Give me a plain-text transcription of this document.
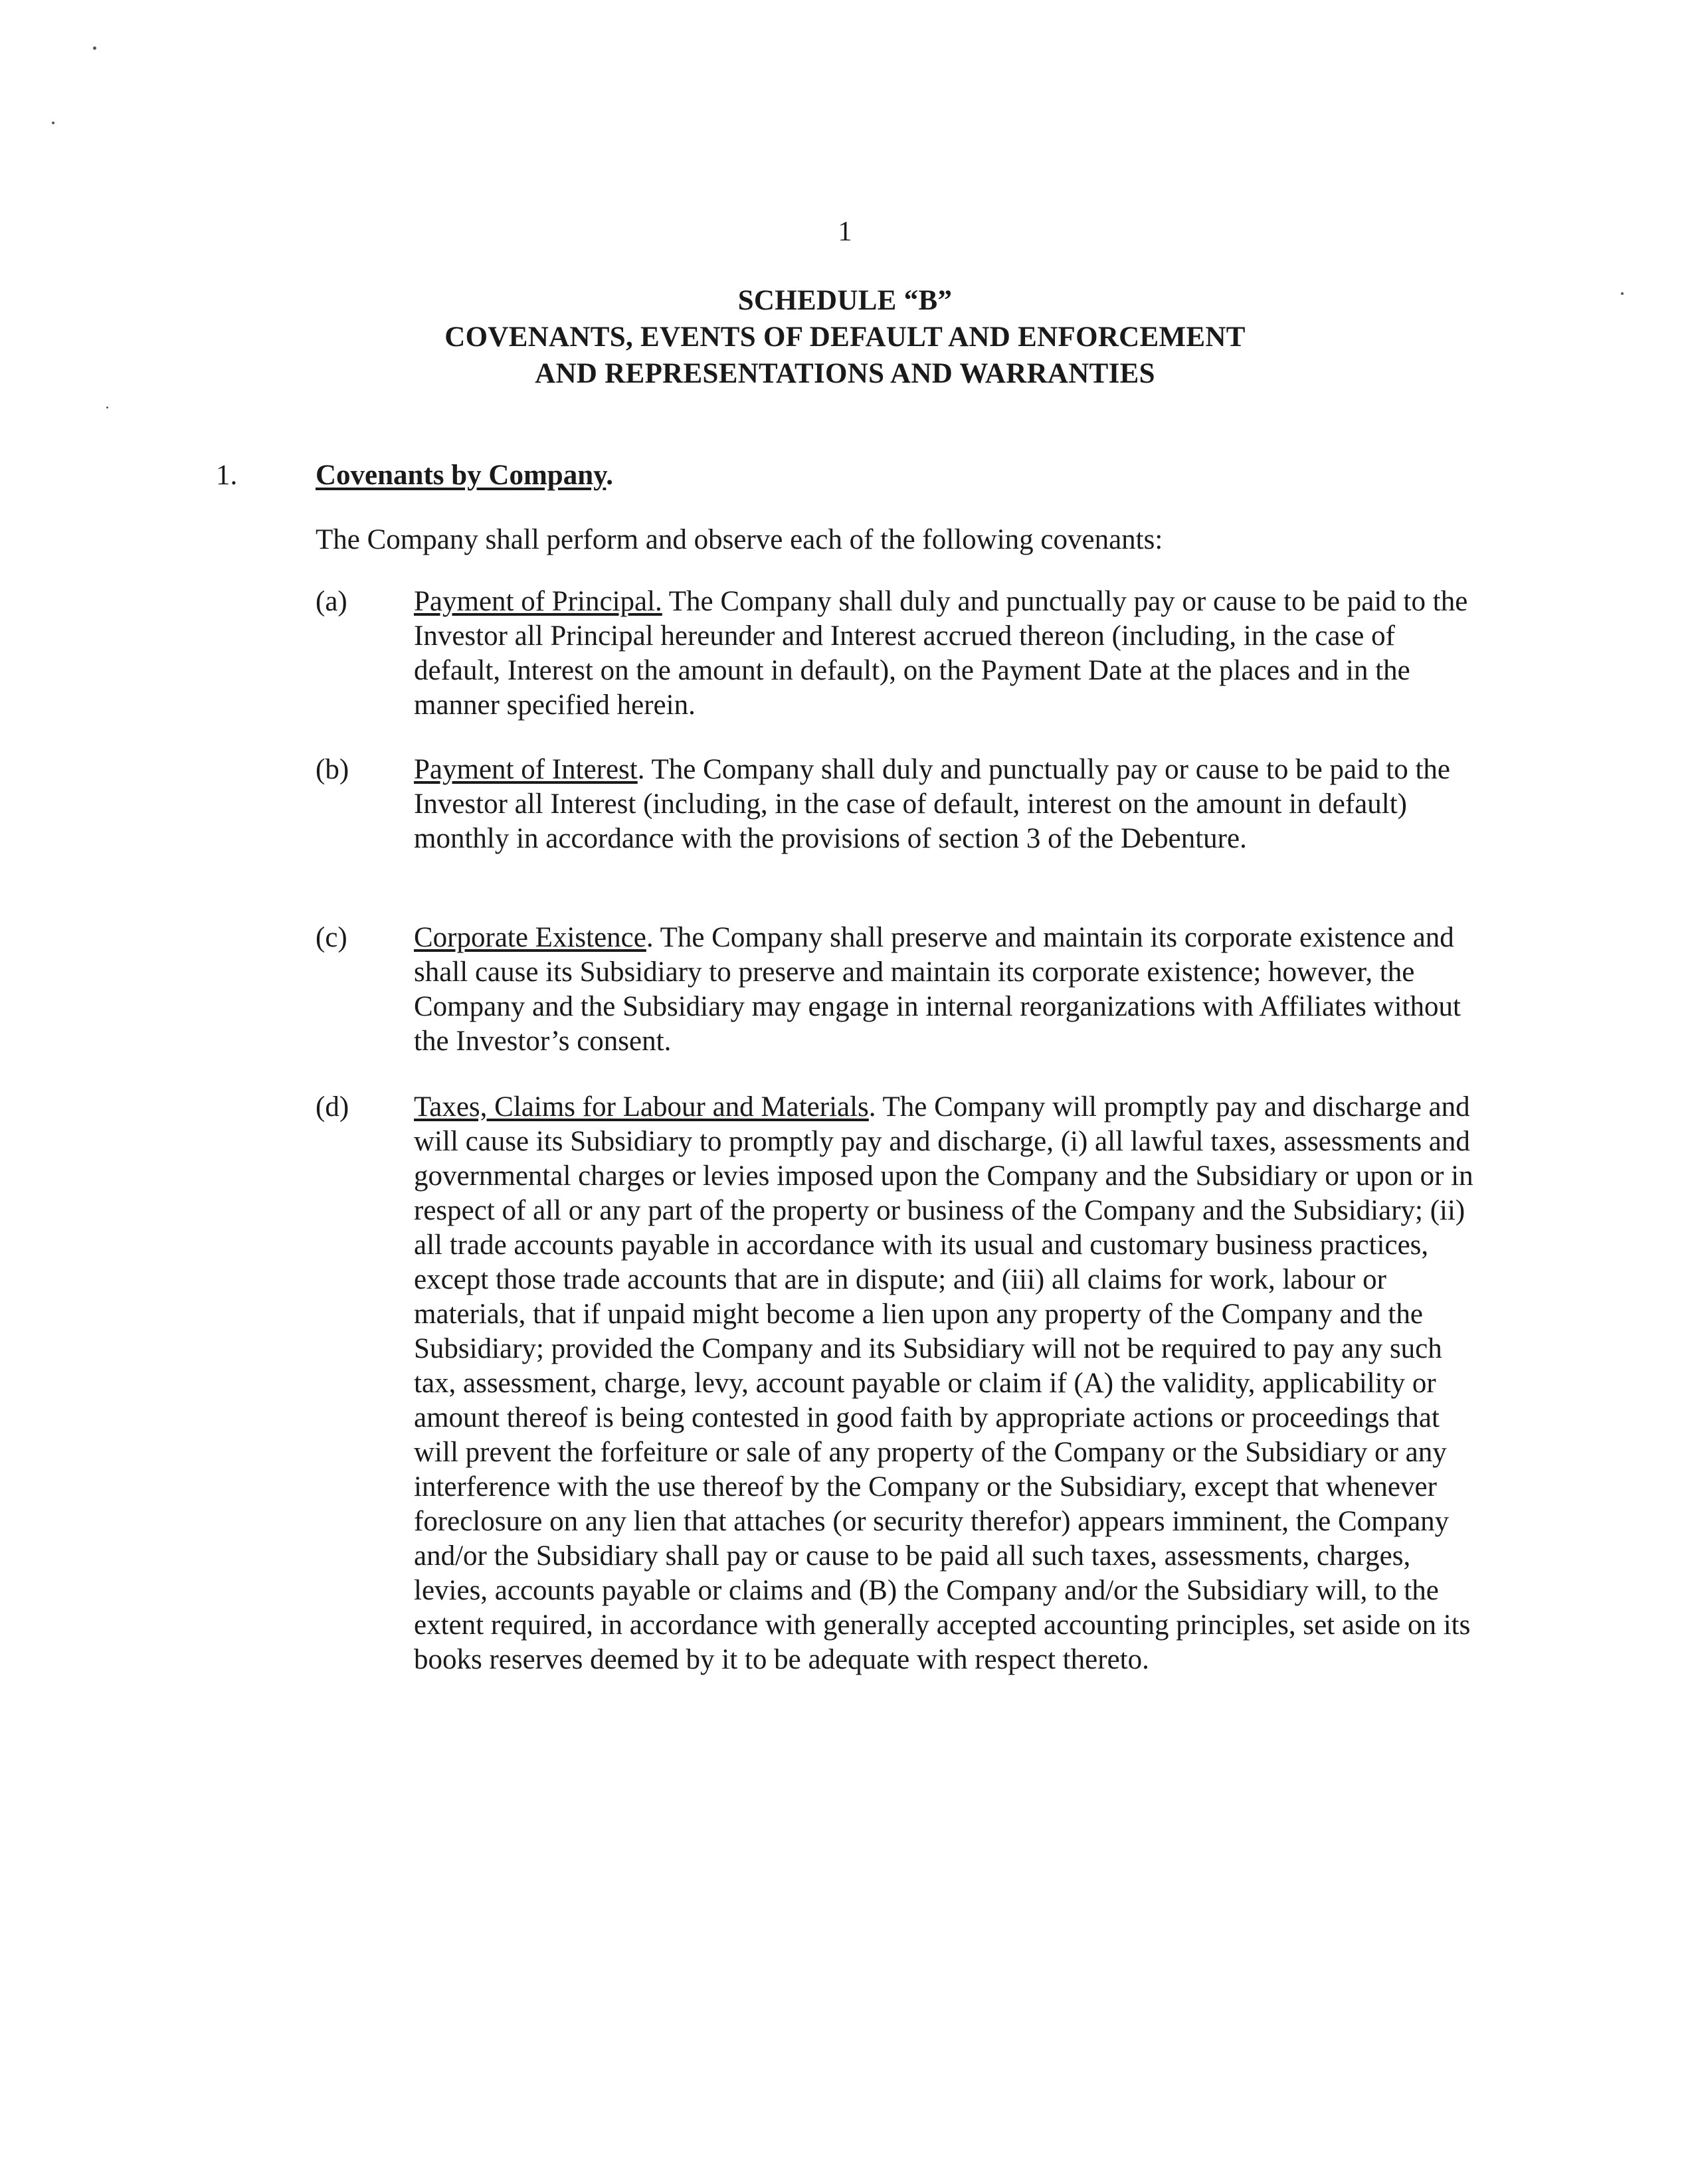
1
SCHEDULE “B”
COVENANTS, EVENTS OF DEFAULT AND ENFORCEMENT
AND REPRESENTATIONS AND WARRANTIES
1.	Covenants by Company.
The Company shall perform and observe each of the following covenants:
(a) Payment of Principal. The Company shall duly and punctually pay or cause to be paid to the Investor all Principal hereunder and Interest accrued thereon (including, in the case of default, Interest on the amount in default), on the Payment Date at the places and in the manner specified herein.
(b) Payment of Interest. The Company shall duly and punctually pay or cause to be paid to the Investor all Interest (including, in the case of default, interest on the amount in default) monthly in accordance with the provisions of section 3 of the Debenture.
(c) Corporate Existence. The Company shall preserve and maintain its corporate existence and shall cause its Subsidiary to preserve and maintain its corporate existence; however, the Company and the Subsidiary may engage in internal reorganizations with Affiliates without the Investor’s consent.
(d) Taxes, Claims for Labour and Materials. The Company will promptly pay and discharge and will cause its Subsidiary to promptly pay and discharge, (i) all lawful taxes, assessments and governmental charges or levies imposed upon the Company and the Subsidiary or upon or in respect of all or any part of the property or business of the Company and the Subsidiary; (ii) all trade accounts payable in accordance with its usual and customary business practices, except those trade accounts that are in dispute; and (iii) all claims for work, labour or materials, that if unpaid might become a lien upon any property of the Company and the Subsidiary; provided the Company and its Subsidiary will not be required to pay any such tax, assessment, charge, levy, account payable or claim if (A) the validity, applicability or amount thereof is being contested in good faith by appropriate actions or proceedings that will prevent the forfeiture or sale of any property of the Company or the Subsidiary or any interference with the use thereof by the Company or the Subsidiary, except that whenever foreclosure on any lien that attaches (or security therefor) appears imminent, the Company and/or the Subsidiary shall pay or cause to be paid all such taxes, assessments, charges, levies, accounts payable or claims and (B) the Company and/or the Subsidiary will, to the extent required, in accordance with generally accepted accounting principles, set aside on its books reserves deemed by it to be adequate with respect thereto.
